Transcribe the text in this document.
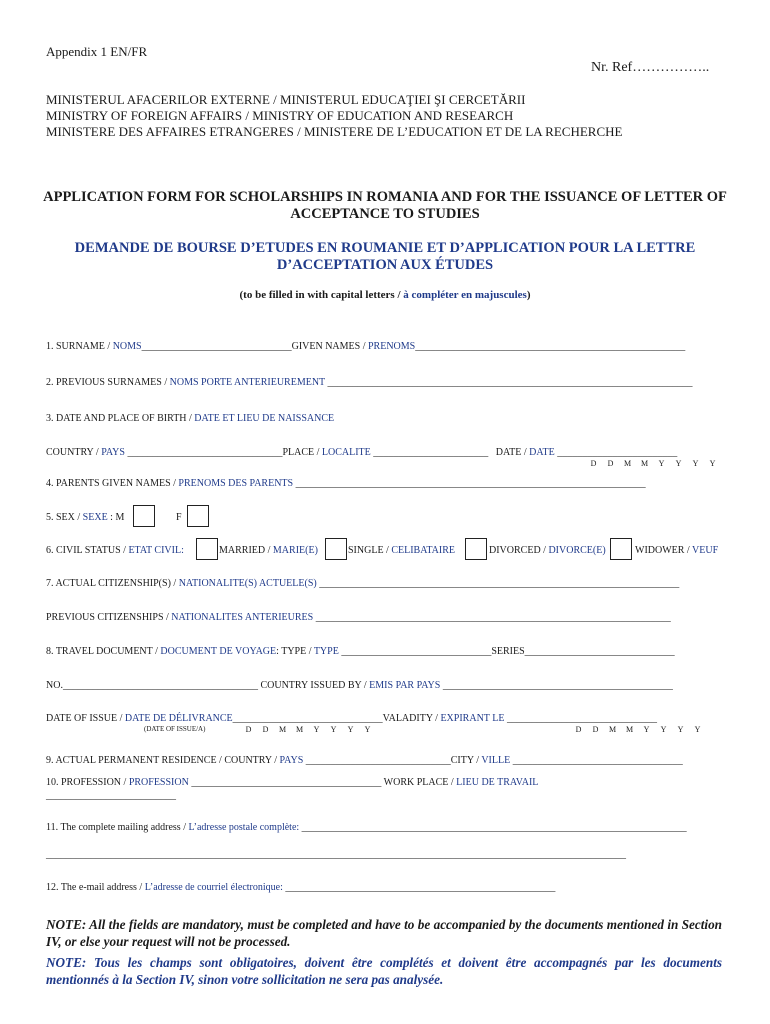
Appendix 1 EN/FR
Nr. Ref……………..
MINISTERUL AFACERILOR EXTERNE / MINISTERUL EDUCAŢIEI ŞI CERCETĂRII
MINISTRY OF FOREIGN AFFAIRS / MINISTRY OF EDUCATION AND RESEARCH
MINISTERE DES AFFAIRES ETRANGERES / MINISTERE DE L’EDUCATION ET DE LA RECHERCHE
APPLICATION FORM FOR SCHOLARSHIPS IN ROMANIA AND FOR THE ISSUANCE OF LETTER OF ACCEPTANCE TO STUDIES
DEMANDE DE BOURSE D’ETUDES EN ROUMANIE ET D’APPLICATION POUR LA LETTRE D’ACCEPTATION AUX ÉTUDES
(to be filled in with capital letters / à compléter en majuscules)
1. SURNAME / NOMS______________________________GIVEN NAMES / PRENOMS______________________________________________________
2. PREVIOUS SURNAMES / NOMS PORTE ANTERIEUREMENT _________________________________________________________________________
3. DATE AND PLACE OF BIRTH / DATE ET LIEU DE NAISSANCE
COUNTRY / PAYS _______________________________PLACE / LOCALITE _______________________ DATE / DATE ________________________
D D M M Y Y Y Y
4. PARENTS GIVEN NAMES / PRENOMS DES PARENTS ______________________________________________________________________
5. SEX / SEXE : M	F
6. CIVIL STATUS / ETAT CIVIL:	MARRIED / MARIE(E)	SINGLE / CELIBATAIRE	DIVORCED / DIVORCE(E)	WIDOWER / VEUF
7. ACTUAL CITIZENSHIP(S) / NATIONALITE(S) ACTUELE(S) ________________________________________________________________________
PREVIOUS CITIZENSHIPS / NATIONALITES ANTERIEURES _______________________________________________________________________
8. TRAVEL DOCUMENT / DOCUMENT DE VOYAGE: TYPE / TYPE ______________________________SERIES______________________________
NO._______________________________________ COUNTRY ISSUED BY / EMIS PAR PAYS ______________________________________________
DATE OF ISSUE / DATE DE DÉLIVRANCE______________________________VALADITY / EXPIRANT LE ______________________________
(DATE OF ISSUE/A)	D D M M Y Y Y Y	D D M M Y Y Y Y
9. ACTUAL PERMANENT RESIDENCE / COUNTRY / PAYS _____________________________CITY / VILLE __________________________________
10. PROFESSION / PROFESSION ______________________________________ WORK PLACE / LIEU DE TRAVAIL
__________________________
11. The complete mailing address / L’adresse postale complète: _____________________________________________________________________________
____________________________________________________________________________________________________________________
12. The e-mail address / L’adresse de courriel électronique: ______________________________________________________
NOTE: All the fields are mandatory, must be completed and have to be accompanied by the documents mentioned in Section IV, or else your request will not be processed.
NOTE: Tous les champs sont obligatoires, doivent être complétés et doivent être accompagnés par les documents mentionnés à la Section IV, sinon votre sollicitation ne sera pas analysée.
